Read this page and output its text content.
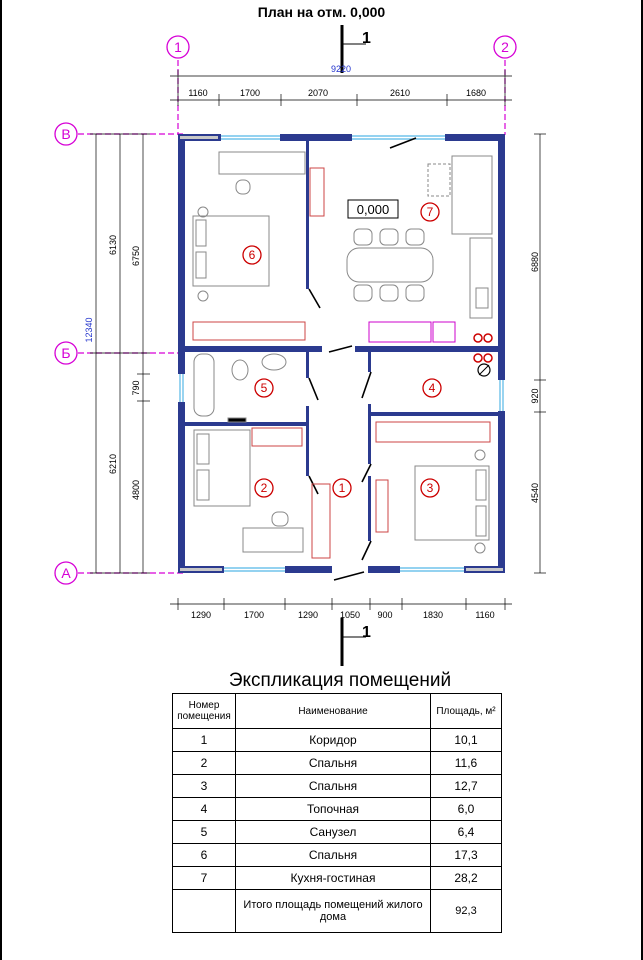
План на отм. 0,000
1
1
1	2
В
Б
А
9220
1160	1700	2070	2610	1680
1290	1700	1290 1050 900	1830	1160
12340
6130
6210
6750
790
4800
6880
920
4540
0,000
1
2	3
4
5
6
7
Экспликация помещений
Номер помещения	Наименование	Площадь, м²
1	Коридор	10,1
2	Спальня	11,6
3	Спальня	12,7
4	Топочная	6,0
5	Санузел	6,4
6	Спальня	17,3
7	Кухня-гостиная	28,2
	Итого площадь помещений жилого дома	92,3
